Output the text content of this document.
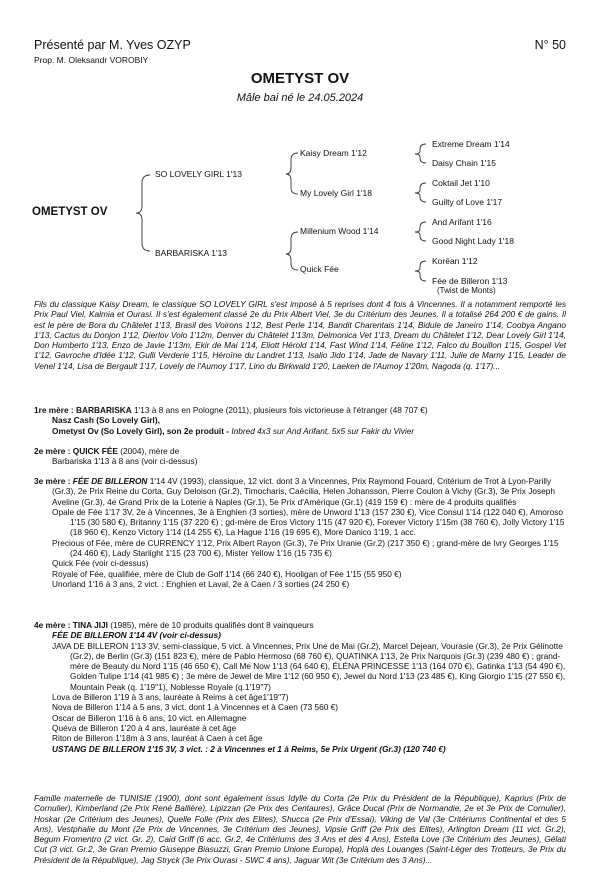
Présenté par M. Yves OZYP
Prop. M. Oleksandr VOROBIY
N° 50
OMETYST OV
Mâle bai né le 24.05.2024
OMETYST OV
SO LOVELY GIRL 1'13
BARBARISKA 1'13
Kaisy Dream 1'12
My Lovely Girl 1'18
Millenium Wood 1'14
Quick Fée
Extreme Dream 1'14
Daisy Chain 1'15
Coktail Jet 1'10
Guilty of Love 1'17
And Arifant 1'16
Good Night Lady 1'18
Koréan 1'12
Fée de Billeron 1'13
(Twist de Monts)
Fils du classique Kaisy Dream, le classique SO LOVELY GIRL s'est imposé à 5 reprises dont 4 fois à Vincennes. Il a notamment remporté les Prix Paul Viel, Kalmia et Ourasi. Il s'est également classé 2e du Prix Albert Viel, 3e du Critérium des Jeunes. Il a totalisé 264 200 € de gains. Il est le père de Bora du Châtelet 1'13, Brasil des Voirons 1'12, Best Perle 1'14, Bandit Charentais 1'14, Bidule de Janeiro 1'14, Coobya Angano 1'13, Cactus du Donjon 1'12, Dierlov Volo 1'12m, Denver du Châtelet 1'13m, Delmonica Vet 1'13, Dream du Châtelet 1'12, Dear Lovely Girl 1'14, Don Humberto 1'13, Enzo de Javie 1'13m, Ekir de Mai 1'14, Eliott Hérold 1'14, Fast Wind 1'14, Féline 1'12, Falco du Bouillon 1'15, Gospel Vet 1'12, Gavroche d'Idée 1'12, Gulli Verderie 1'15, Héroïne du Landret 1'13, Isalio Jido 1'14, Jade de Navary 1'11, Julie de Marny 1'15, Leader de Venel 1'14, Lisa de Bergault 1'17, Lovely de l'Aumoy 1'17, Lino du Birkwald 1'20, Laeken de l'Aumoy 1'20m, Nagoda (q. 1'17)...
1re mère : BARBARISKA 1'13 à 8 ans en Pologne (2011), plusieurs fois victorieuse à l'étranger (48 707 €)
Nasz Cash (So Lovely Girl),
Ometyst Ov (So Lovely Girl), son 2e produit - Inbred 4x3 sur And Arifant, 5x5 sur Fakir du Vivier
2e mère : QUICK FÉE (2004), mère de
Barbariska 1'13 à 8 ans (voir ci-dessus)
3e mère : FÉE DE BILLERON 1'14 4V (1993), classique, 12 vict. dont 3 à Vincennes, Prix Raymond Fouard, Critérium de Trot à Lyon-Parilly (Gr.3), 2e Prix Reine du Corta, Guy Deloison (Gr.2), Timocharis, Caëcilia, Helen Johansson, Pierre Coulon à Vichy (Gr.3), 3e Prix Joseph Aveline (Gr.3), 4e Grand Prix de la Loterie à Naples (Gr.1), 5e Prix d'Amérique (Gr.1) (419 159 €) : mère de 4 produits qualifiés
Opale de Fée 1'17 3V, 2e à Vincennes, 3e à Enghien (3 sorties), mère de Unword 1'13 (157 230 €), Vice Consul 1'14 (122 040 €), Amoroso 1'15 (30 580 €), Britanny 1'15 (37 220 €) ; gd-mère de Eros Victory 1'15 (47 920 €), Forever Victory 1'15m (38 760 €), Jolly Victory 1'15 (18 960 €), Kenzo Victory 1'14 (14 255 €), La Hague 1'16 (19 695 €), More Danico 1'19, 1 acc.
Precious of Fée, mère de CURRENCY 1'12, Prix Albert Rayon (Gr.3), 7e Prix Uranie (Gr.2) (217 350 €) ; grand-mère de Ivry Georges 1'15 (24 460 €), Lady Starlight 1'15 (23 700 €), Mister Yellow 1'16 (15 735 €)
Quick Fée (voir ci-dessus)
Royale of Fée, qualifiée, mère de Club de Golf 1'14 (66 240 €), Hooligan of Fée 1'15 (55 950 €)
Unorland 1'16 à 3 ans, 2 vict. : Enghien et Laval, 2e à Caen / 3 sorties (24 250 €)
4e mère : TINA JIJI (1985), mère de 10 produits qualifiés dont 8 vainqueurs
FÉE DE BILLERON 1'14 4V (voir ci-dessus)
JAVA DE BILLERON 1'13 3V, semi-classique, 5 vict. à Vincennes, Prix Une de Mai (Gr.2), Marcel Dejean, Vourasie (Gr.3), 2e Prix Gélinotte (Gr.2), de Berlin (Gr.3) (151 823 €), mère de Pablo Hermoso (68 760 €), QUATINKA 1'13, 2e Prix Narquois (Gr.3) (239 480 €) ; grand-mère de Beauty du Nord 1'15 (46 650 €), Call Me Now 1'13 (64 640 €), ÉLÉNA PRINCESSE 1'13 (164 070 €), Gatinka 1'13 (54 490 €), Golden Tulipe 1'14 (41 985 €) ; 3e mère de Jewel de Mire 1'12 (60 950 €), Jewel du Nord 1'13 (23 485 €), King Giorgio 1'15 (27 550 €), Mountain Peak (q. 1'19''1), Noblesse Royale (q.1'19''7)
Lova de Billeron 1'19 à 3 ans, lauréate à Reims à cet âge1'19''7)
Nova de Billeron 1'14 à 5 ans, 3 vict. dont 1 à Vincennes et à Caen (73 560 €)
Oscar de Billeron 1'16 à 6 ans, 10 vict. en Allemagne
Quéva de Billeron 1'20 à 4 ans, lauréate à cet âge
Riton de Billeron 1'18m à 3 ans, lauréat à Caen à cet âge
USTANG DE BILLERON 1'15 3V, 3 vict. : 2 à Vincennes et 1 à Reims, 5e Prix Urgent (Gr.3) (120 740 €)
Famille maternelle de TUNISIE (1900), dont sont également issus Idylle du Corta (2e Prix du Président de la République), Kaprius (Prix de Cornulier), Kimberland (2e Prix René Ballière), Lipizzan (2e Prix des Centaures), Grâce Ducal (Prix de Normandie, 2e et 3e Prix de Cornulier), Hoskar (2e Critérium des Jeunes), Quelle Folle (Prix des Elites), Shucca (2e Prix d'Essai), Viking de Val (3e Critériums Continental et des 5 Ans), Vestphalie du Mont (2e Prix de Vincennes, 3e Critérium des Jeunes), Vipsie Griff (2e Prix des Elites), Arlington Dream (11 vict. Gr.2), Begum Fromentro (2 vict. Gr. 2), Caid Griff (6 acc. Gr.2, 4e Critériums des 3 Ans et des 4 Ans), Estella Love (3e Critérium des Jeunes), Gélati Cut (3 vict. Gr.2, 3e Gran Premio Giuseppe Biasuzzi, Gran Premio Unione Europa), Hoplà des Louanges (Saint-Léger des Trotteurs, 3e Prix du Président de la République), Jag Stryck (3e Prix Ourasi - SWC 4 ans), Jaguar Wit (3e Critérium des 3 Ans)...
